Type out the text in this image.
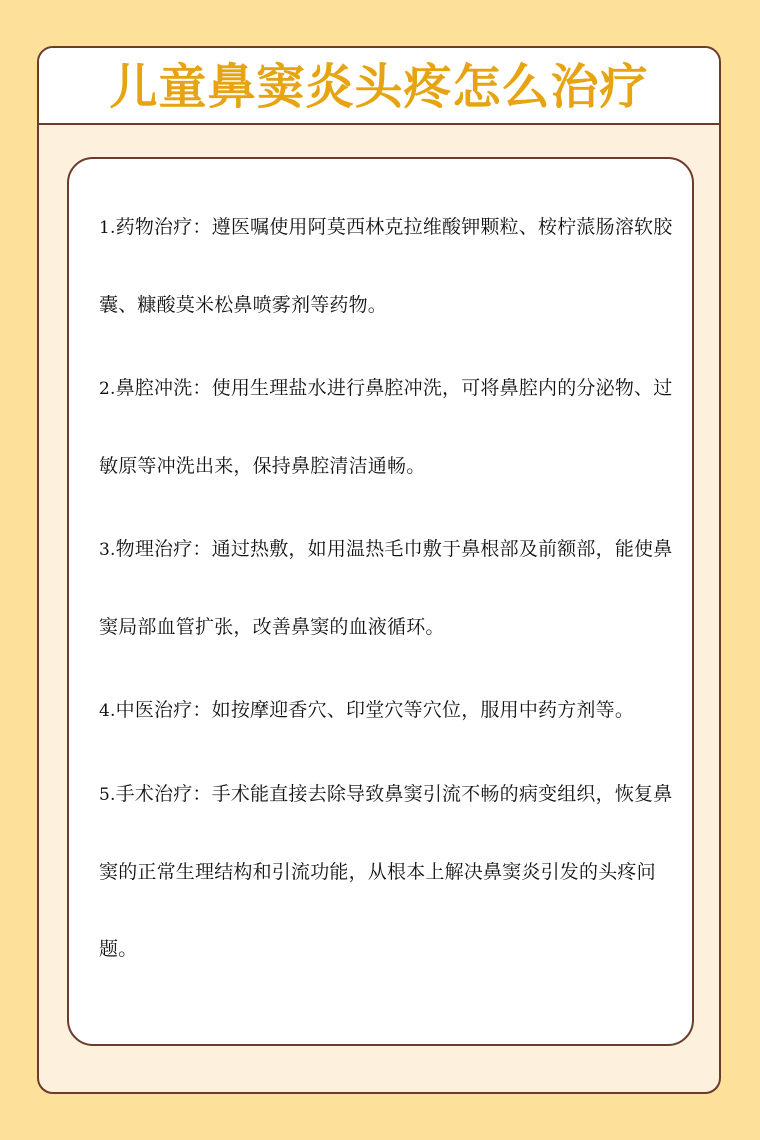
儿童鼻窦炎头疼怎么治疗

1.药物治疗：遵医嘱使用阿莫西林克拉维酸钾颗粒、桉柠蒎肠溶软胶囊、糠酸莫米松鼻喷雾剂等药物。

2.鼻腔冲洗：使用生理盐水进行鼻腔冲洗，可将鼻腔内的分泌物、过敏原等冲洗出来，保持鼻腔清洁通畅。

3.物理治疗：通过热敷，如用温热毛巾敷于鼻根部及前额部，能使鼻窦局部血管扩张，改善鼻窦的血液循环。

4.中医治疗：如按摩迎香穴、印堂穴等穴位，服用中药方剂等。

5.手术治疗：手术能直接去除导致鼻窦引流不畅的病变组织，恢复鼻窦的正常生理结构和引流功能，从根本上解决鼻窦炎引发的头疼问题。
